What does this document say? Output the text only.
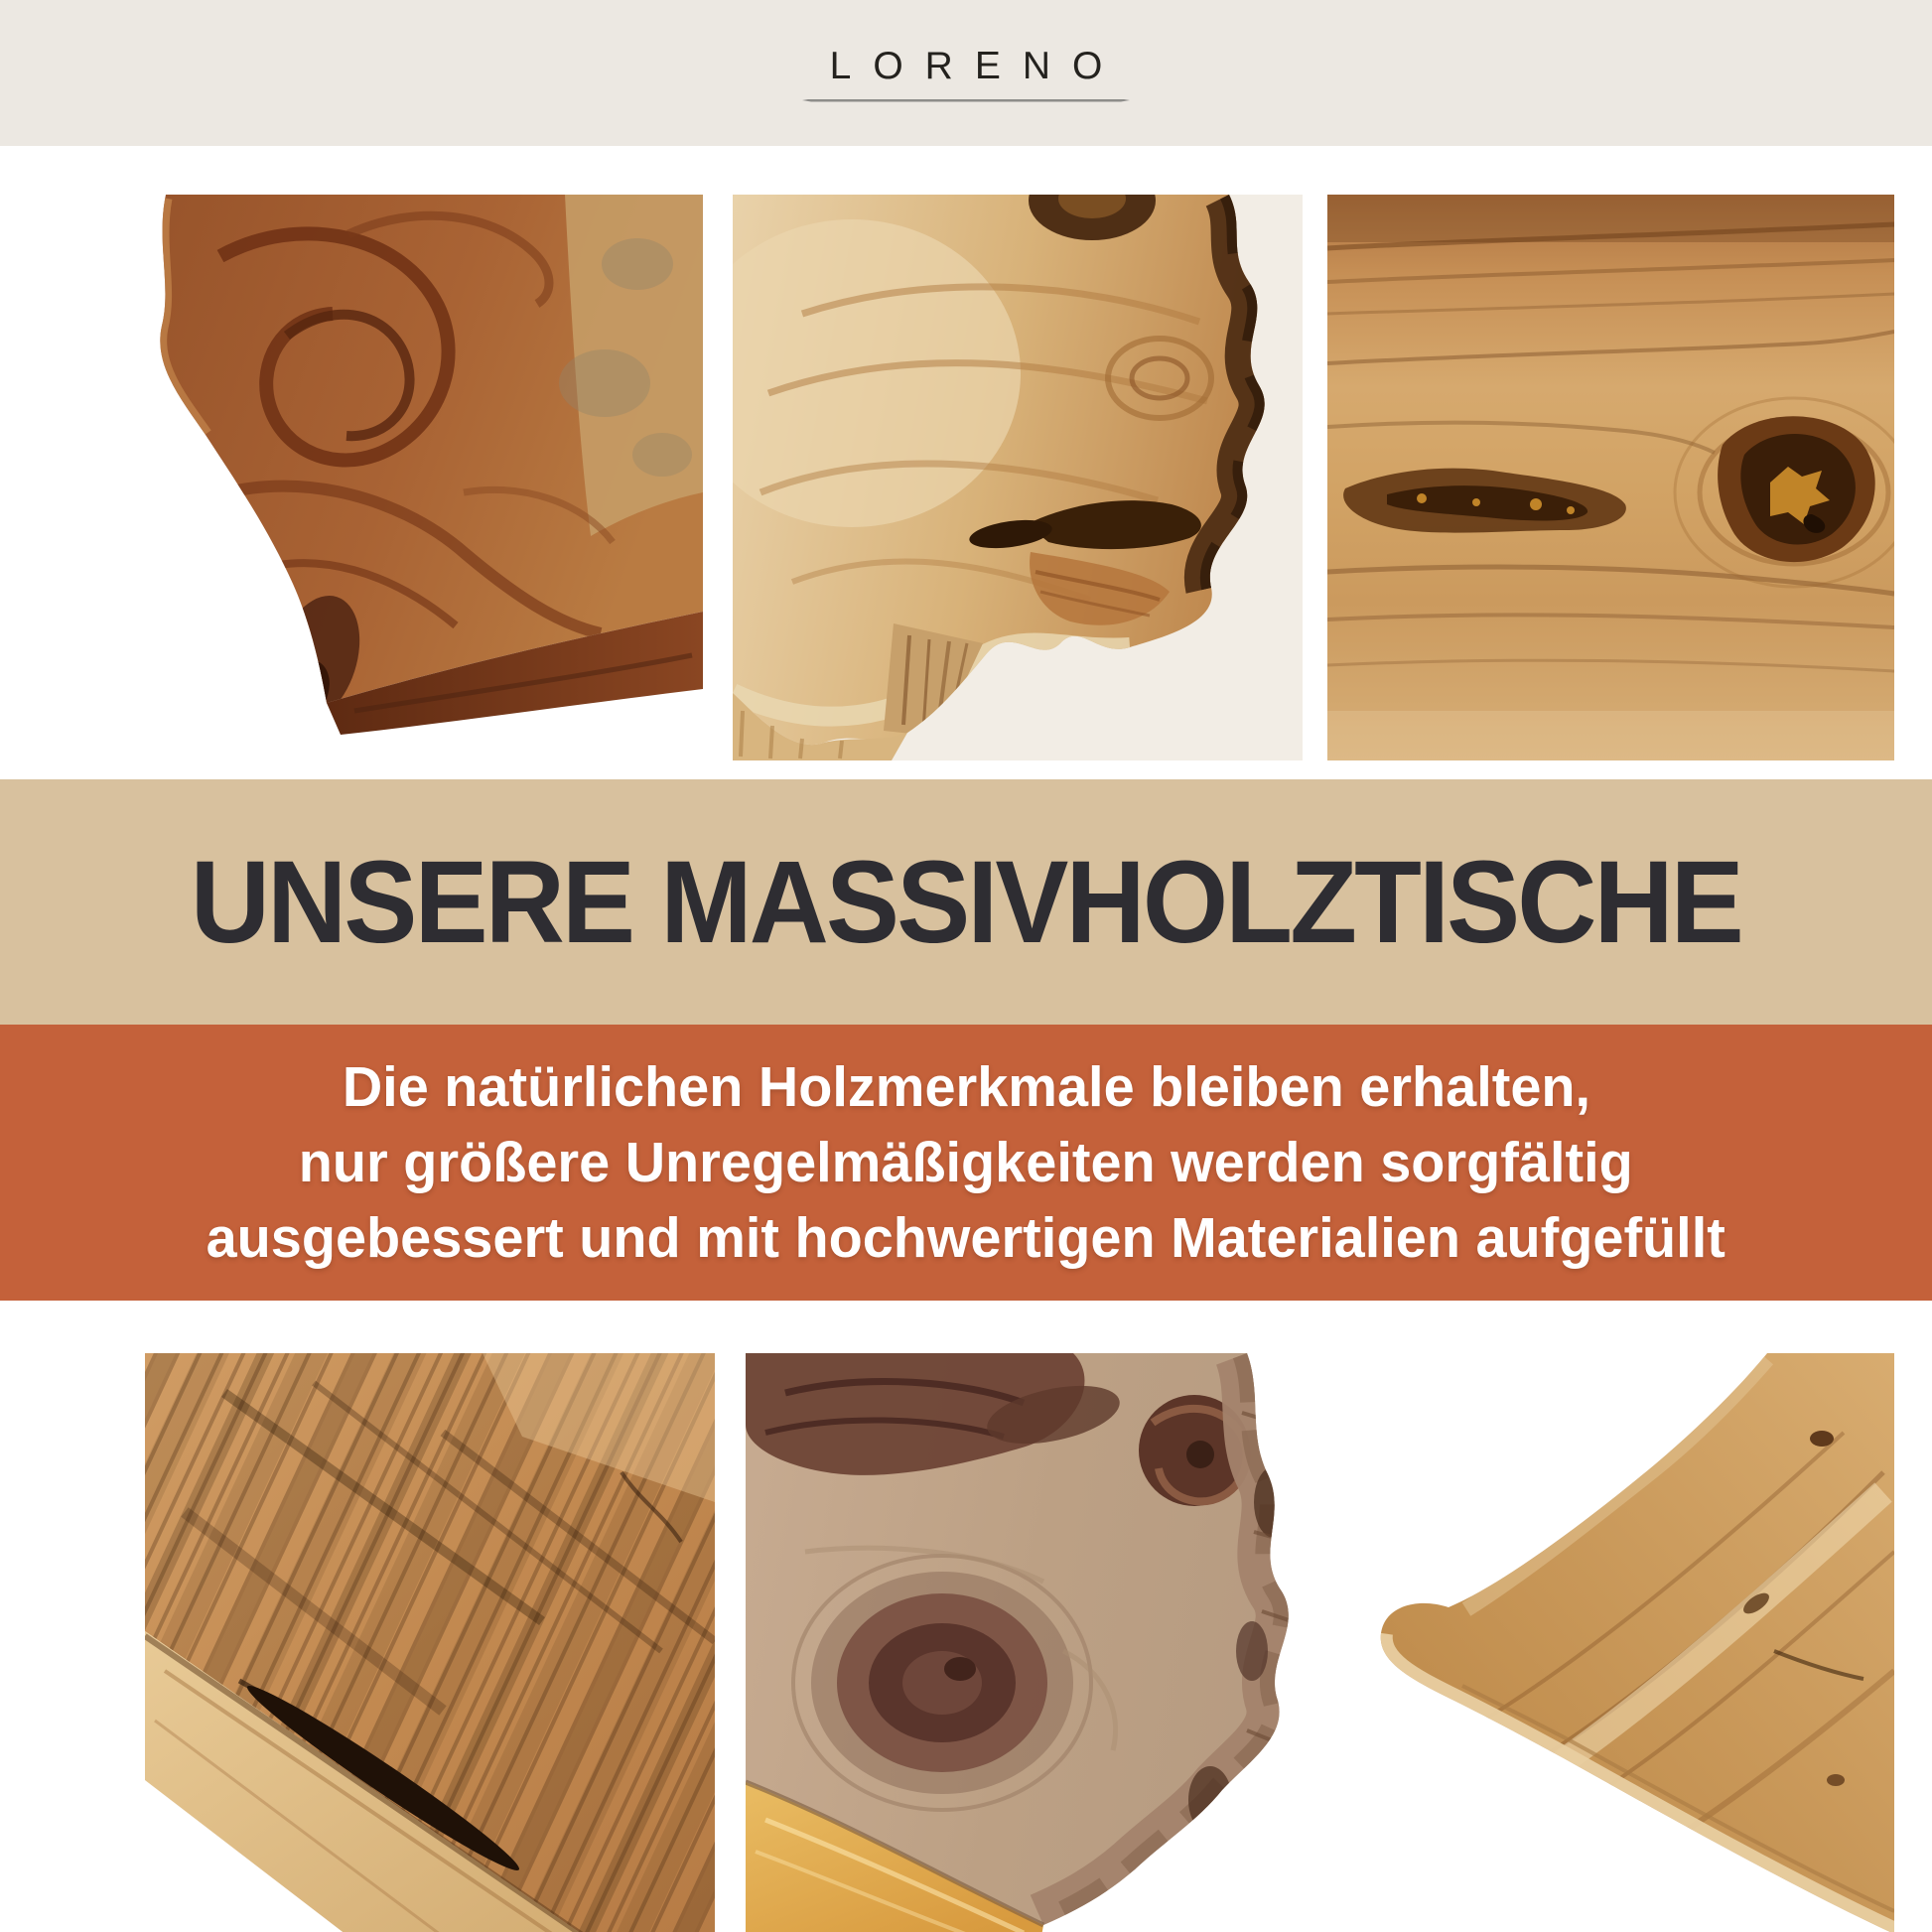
LORENO
UNSERE MASSIVHOLZTISCHE
Die natürlichen Holzmerkmale bleiben erhalten,
nur größere Unregelmäßigkeiten werden sorgfältig
ausgebessert und mit hochwertigen Materialien aufgefüllt
